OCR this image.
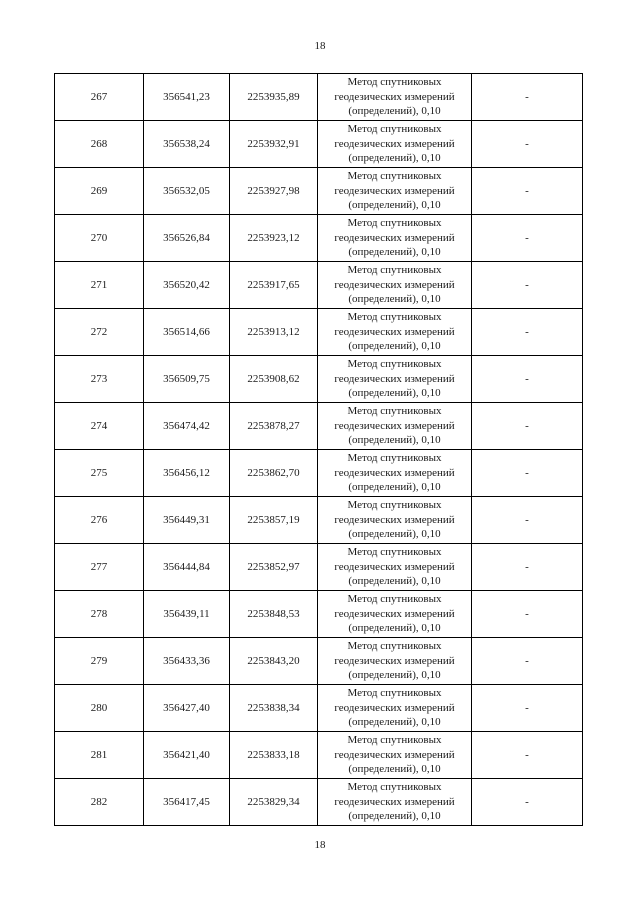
18
267	356541,23	2253935,89	Метод спутниковых
геодезических измерений
(определений), 0,10	-
268	356538,24	2253932,91	Метод спутниковых
геодезических измерений
(определений), 0,10	-
269	356532,05	2253927,98	Метод спутниковых
геодезических измерений
(определений), 0,10	-
270	356526,84	2253923,12	Метод спутниковых
геодезических измерений
(определений), 0,10	-
271	356520,42	2253917,65	Метод спутниковых
геодезических измерений
(определений), 0,10	-
272	356514,66	2253913,12	Метод спутниковых
геодезических измерений
(определений), 0,10	-
273	356509,75	2253908,62	Метод спутниковых
геодезических измерений
(определений), 0,10	-
274	356474,42	2253878,27	Метод спутниковых
геодезических измерений
(определений), 0,10	-
275	356456,12	2253862,70	Метод спутниковых
геодезических измерений
(определений), 0,10	-
276	356449,31	2253857,19	Метод спутниковых
геодезических измерений
(определений), 0,10	-
277	356444,84	2253852,97	Метод спутниковых
геодезических измерений
(определений), 0,10	-
278	356439,11	2253848,53	Метод спутниковых
геодезических измерений
(определений), 0,10	-
279	356433,36	2253843,20	Метод спутниковых
геодезических измерений
(определений), 0,10	-
280	356427,40	2253838,34	Метод спутниковых
геодезических измерений
(определений), 0,10	-
281	356421,40	2253833,18	Метод спутниковых
геодезических измерений
(определений), 0,10	-
282	356417,45	2253829,34	Метод спутниковых
геодезических измерений
(определений), 0,10	-
18
